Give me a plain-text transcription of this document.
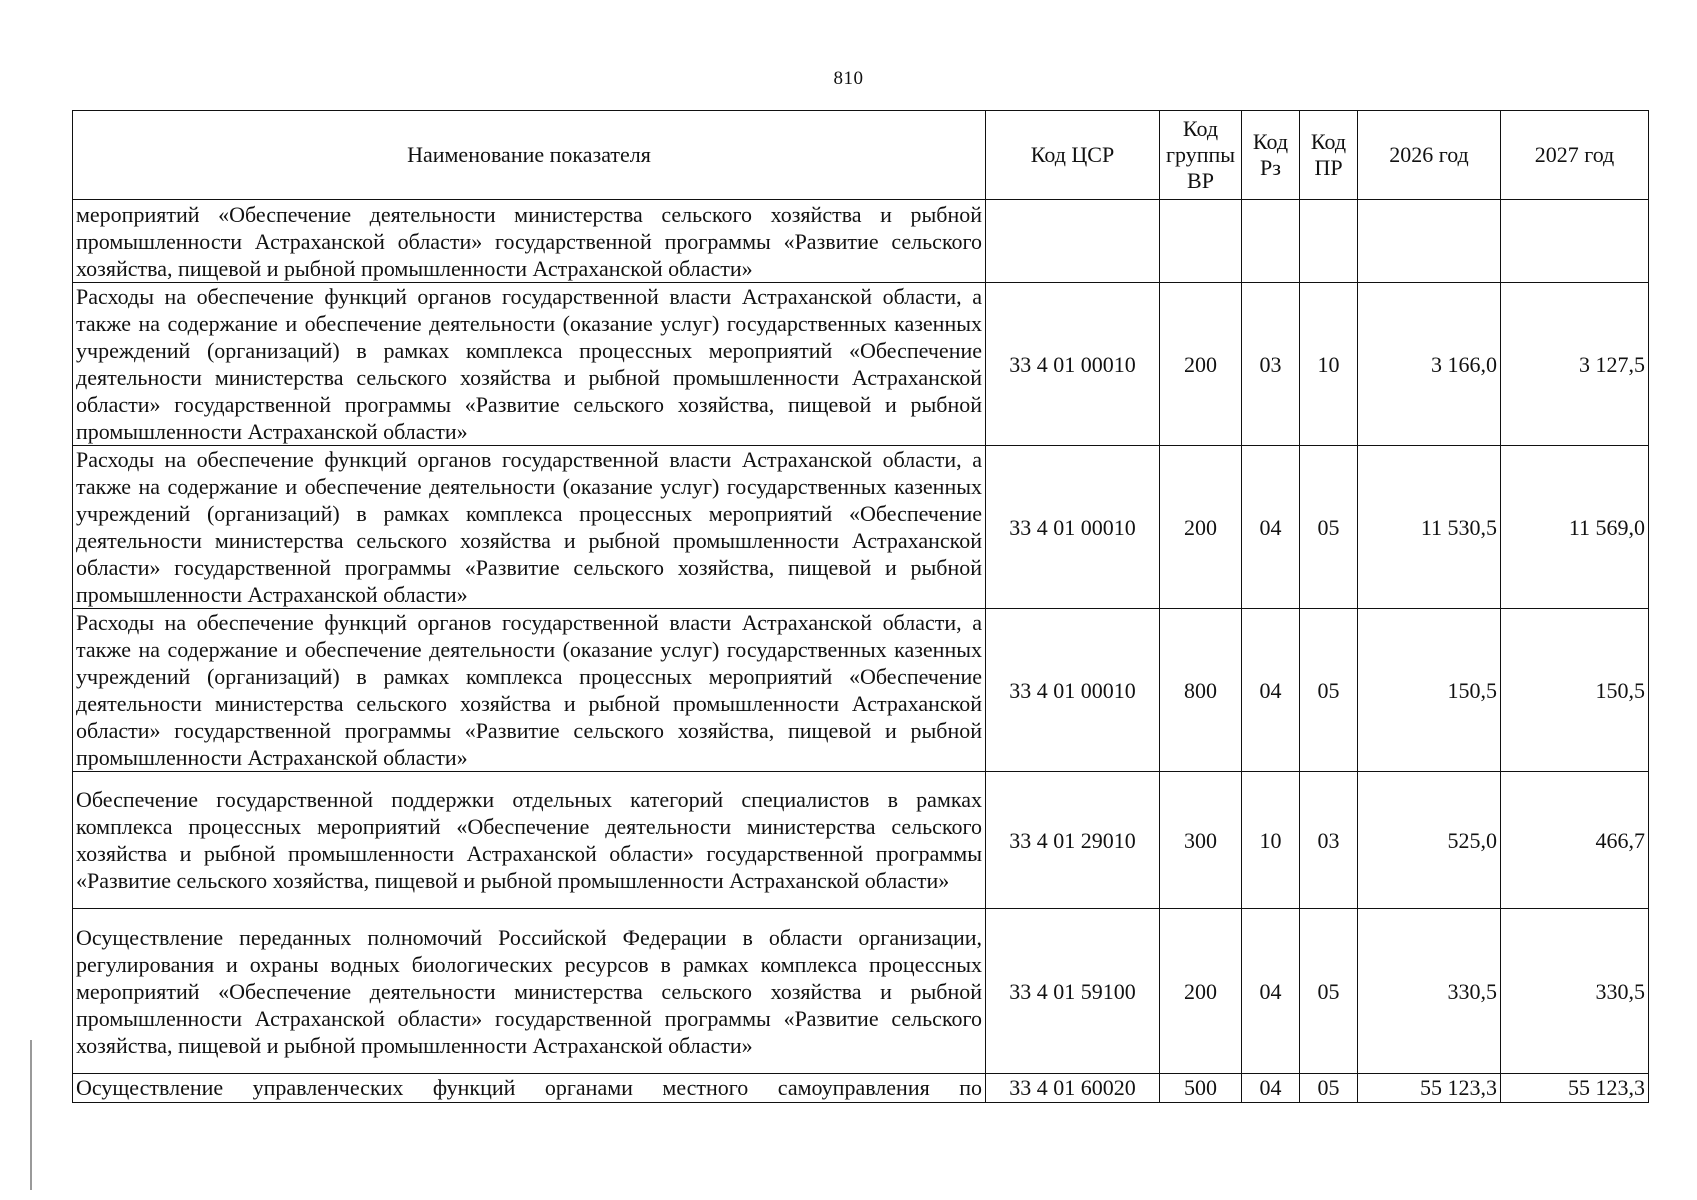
810
Наименование показателя	Код ЦСР	Код группы ВР	Код Рз	Код ПР	2026 год	2027 год
мероприятий «Обеспечение деятельности министерства сельского хозяйства и рыбной промышленности Астраханской области» государственной программы «Развитие сельского хозяйства, пищевой и рыбной промышленности Астраханской области»						
Расходы на обеспечение функций органов государственной власти Астраханской области, а также на содержание и обеспечение деятельности (оказание услуг) государственных казенных учреждений (организаций) в рамках комплекса процессных мероприятий «Обеспечение деятельности министерства сельского хозяйства и рыбной промышленности Астраханской области» государственной программы «Развитие сельского хозяйства, пищевой и рыбной промышленности Астраханской области»	33 4 01 00010	200	03	10	3 166,0	3 127,5
Расходы на обеспечение функций органов государственной власти Астраханской области, а также на содержание и обеспечение деятельности (оказание услуг) государственных казенных учреждений (организаций) в рамках комплекса процессных мероприятий «Обеспечение деятельности министерства сельского хозяйства и рыбной промышленности Астраханской области» государственной программы «Развитие сельского хозяйства, пищевой и рыбной промышленности Астраханской области»	33 4 01 00010	200	04	05	11 530,5	11 569,0
Расходы на обеспечение функций органов государственной власти Астраханской области, а также на содержание и обеспечение деятельности (оказание услуг) государственных казенных учреждений (организаций) в рамках комплекса процессных мероприятий «Обеспечение деятельности министерства сельского хозяйства и рыбной промышленности Астраханской области» государственной программы «Развитие сельского хозяйства, пищевой и рыбной промышленности Астраханской области»	33 4 01 00010	800	04	05	150,5	150,5
Обеспечение государственной поддержки отдельных категорий специалистов в рамках комплекса процессных мероприятий «Обеспечение деятельности министерства сельского хозяйства и рыбной промышленности Астраханской области» государственной программы «Развитие сельского хозяйства, пищевой и рыбной промышленности Астраханской области»	33 4 01 29010	300	10	03	525,0	466,7
Осуществление переданных полномочий Российской Федерации в области организации, регулирования и охраны водных биологических ресурсов в рамках комплекса процессных мероприятий «Обеспечение деятельности министерства сельского хозяйства и рыбной промышленности Астраханской области» государственной программы «Развитие сельского хозяйства, пищевой и рыбной промышленности Астраханской области»	33 4 01 59100	200	04	05	330,5	330,5
Осуществление управленческих функций органами местного самоуправления по	33 4 01 60020	500	04	05	55 123,3	55 123,3
